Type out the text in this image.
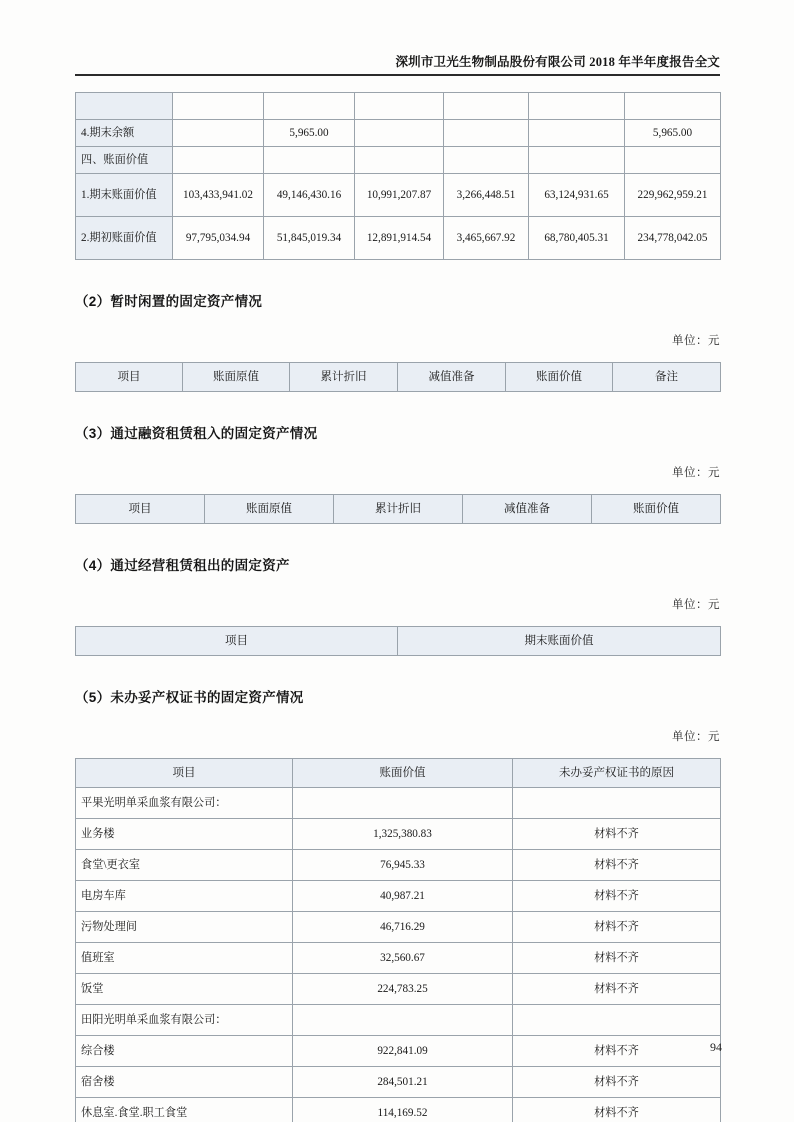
深圳市卫光生物制品股份有限公司 2018 年半年度报告全文

4.期末余额		5,965.00				5,965.00
四、账面价值						
1.期末账面价值	103,433,941.02	49,146,430.16	10,991,207.87	3,266,448.51	63,124,931.65	229,962,959.21
2.期初账面价值	97,795,034.94	51,845,019.34	12,891,914.54	3,465,667.92	68,780,405.31	234,778,042.05
（2）暂时闲置的固定资产情况
单位：元
项目	账面原值	累计折旧	减值准备	账面价值	备注
（3）通过融资租赁租入的固定资产情况
单位：元
项目	账面原值	累计折旧	减值准备	账面价值
（4）通过经营租赁租出的固定资产
单位：元
项目	期末账面价值
（5）未办妥产权证书的固定资产情况
单位：元
项目	账面价值	未办妥产权证书的原因
平果光明单采血浆有限公司：		
业务楼	1,325,380.83	材料不齐
食堂\更衣室	76,945.33	材料不齐
电房车库	40,987.21	材料不齐
污物处理间	46,716.29	材料不齐
值班室	32,560.67	材料不齐
饭堂	224,783.25	材料不齐
田阳光明单采血浆有限公司：		
综合楼	922,841.09	材料不齐
宿舍楼	284,501.21	材料不齐
休息室.食堂.职工食堂	114,169.52	材料不齐
94
